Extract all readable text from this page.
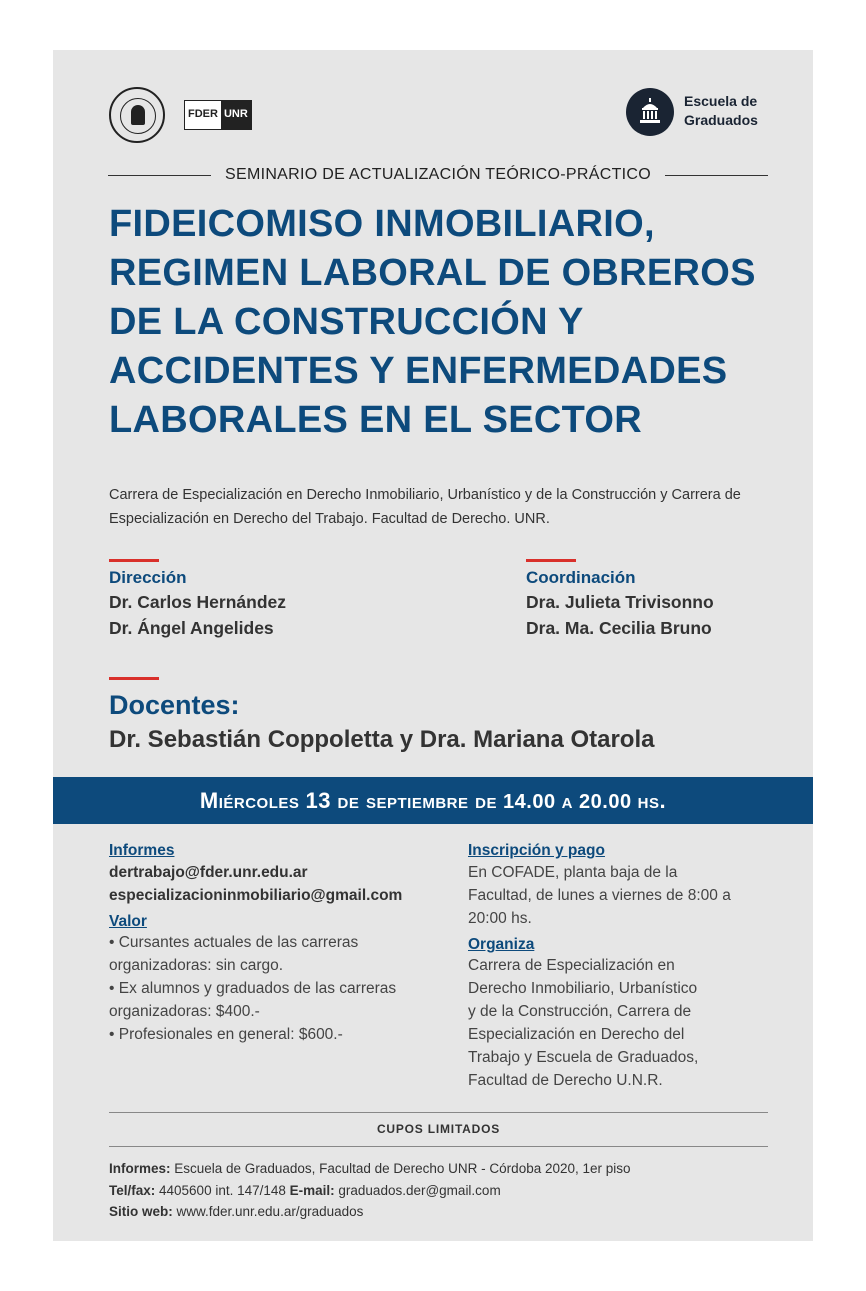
FDER UNR
Escuela de
Graduados
SEMINARIO DE ACTUALIZACIÓN TEÓRICO-PRÁCTICO
FIDEICOMISO INMOBILIARIO,
REGIMEN LABORAL DE OBREROS
DE LA CONSTRUCCIÓN Y
ACCIDENTES Y ENFERMEDADES
LABORALES EN EL SECTOR
Carrera de Especialización en Derecho Inmobiliario, Urbanístico y de la Construcción y Carrera de Especialización en Derecho del Trabajo. Facultad de Derecho. UNR.
Dirección
Dr. Carlos Hernández
Dr. Ángel Angelides
Coordinación
Dra. Julieta Trivisonno
Dra. Ma. Cecilia Bruno
Docentes:
Dr. Sebastián Coppoletta y Dra. Mariana Otarola
Miércoles 13 de septiembre de 14.00 a 20.00 hs.
Informes
dertrabajo@fder.unr.edu.ar
especializacioninmobiliario@gmail.com
Valor
• Cursantes actuales de las carreras
organizadoras: sin cargo.
• Ex alumnos y graduados de las carreras
organizadoras: $400.-
• Profesionales en general: $600.-
Inscripción y pago
En COFADE, planta baja de la
Facultad, de lunes a viernes de 8:00 a
20:00 hs.
Organiza
Carrera de Especialización en
Derecho Inmobiliario, Urbanístico
y de la Construcción, Carrera de
Especialización en Derecho del
Trabajo y Escuela de Graduados,
Facultad de Derecho U.N.R.
CUPOS LIMITADOS
Informes: Escuela de Graduados, Facultad de Derecho UNR - Córdoba 2020, 1er piso
Tel/fax: 4405600 int. 147/148 E-mail: graduados.der@gmail.com
Sitio web: www.fder.unr.edu.ar/graduados
